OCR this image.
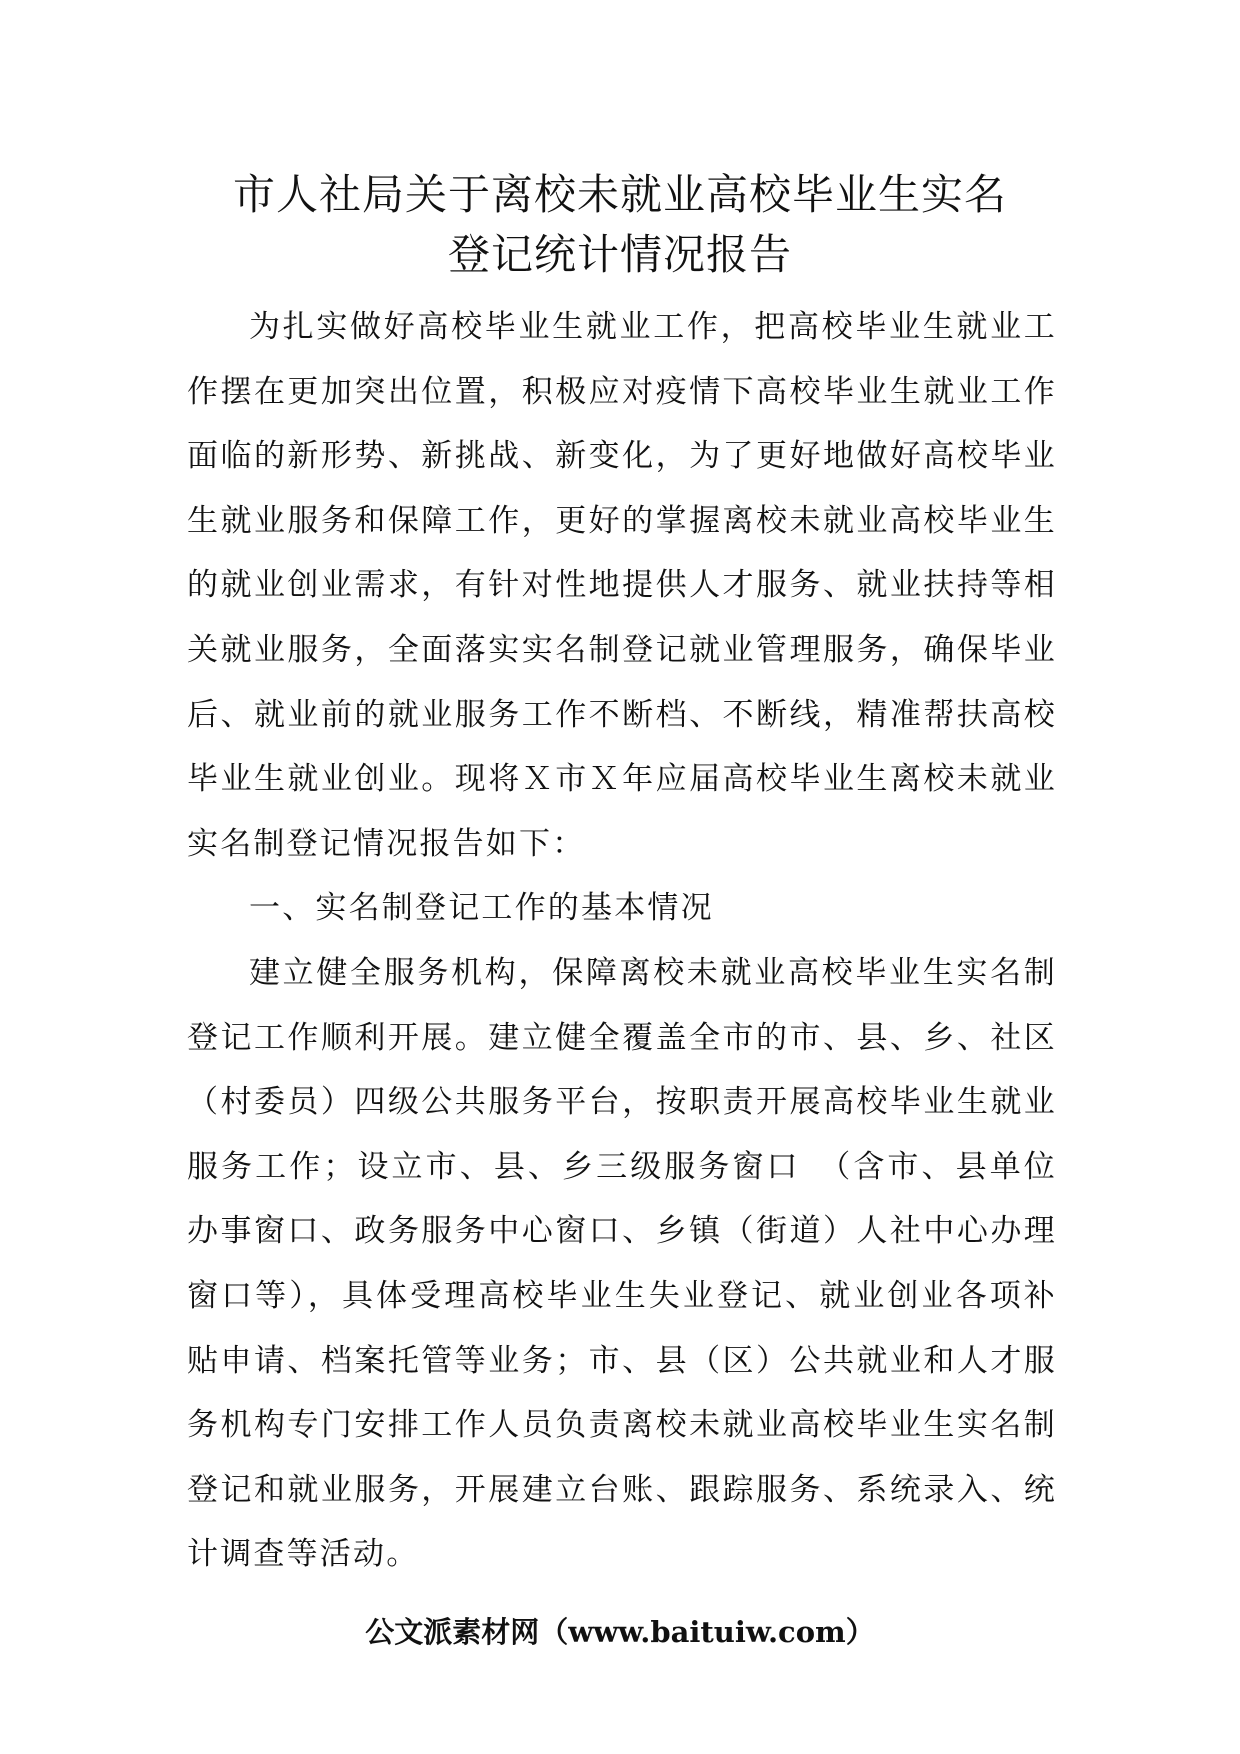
市人社局关于离校未就业高校毕业生实名
登记统计情况报告

为扎实做好高校毕业生就业工作，把高校毕业生就业工作摆在更加突出位置，积极应对疫情下高校毕业生就业工作面临的新形势、新挑战、新变化，为了更好地做好高校毕业生就业服务和保障工作，更好的掌握离校未就业高校毕业生的就业创业需求，有针对性地提供人才服务、就业扶持等相关就业服务，全面落实实名制登记就业管理服务，确保毕业后、就业前的就业服务工作不断档、不断线，精准帮扶高校毕业生就业创业。现将Ｘ市Ｘ年应届高校毕业生离校未就业实名制登记情况报告如下：

一、实名制登记工作的基本情况

建立健全服务机构，保障离校未就业高校毕业生实名制登记工作顺利开展。建立健全覆盖全市的市、县、乡、社区（村委员）四级公共服务平台，按职责开展高校毕业生就业服务工作；设立市、县、乡三级服务窗口　（含市、县单位办事窗口、政务服务中心窗口、乡镇（街道）人社中心办理窗口等），具体受理高校毕业生失业登记、就业创业各项补贴申请、档案托管等业务；市、县（区）公共就业和人才服务机构专门安排工作人员负责离校未就业高校毕业生实名制登记和就业服务，开展建立台账、跟踪服务、系统录入、统计调查等活动。

公文派素材网（www.baituiw.com）
